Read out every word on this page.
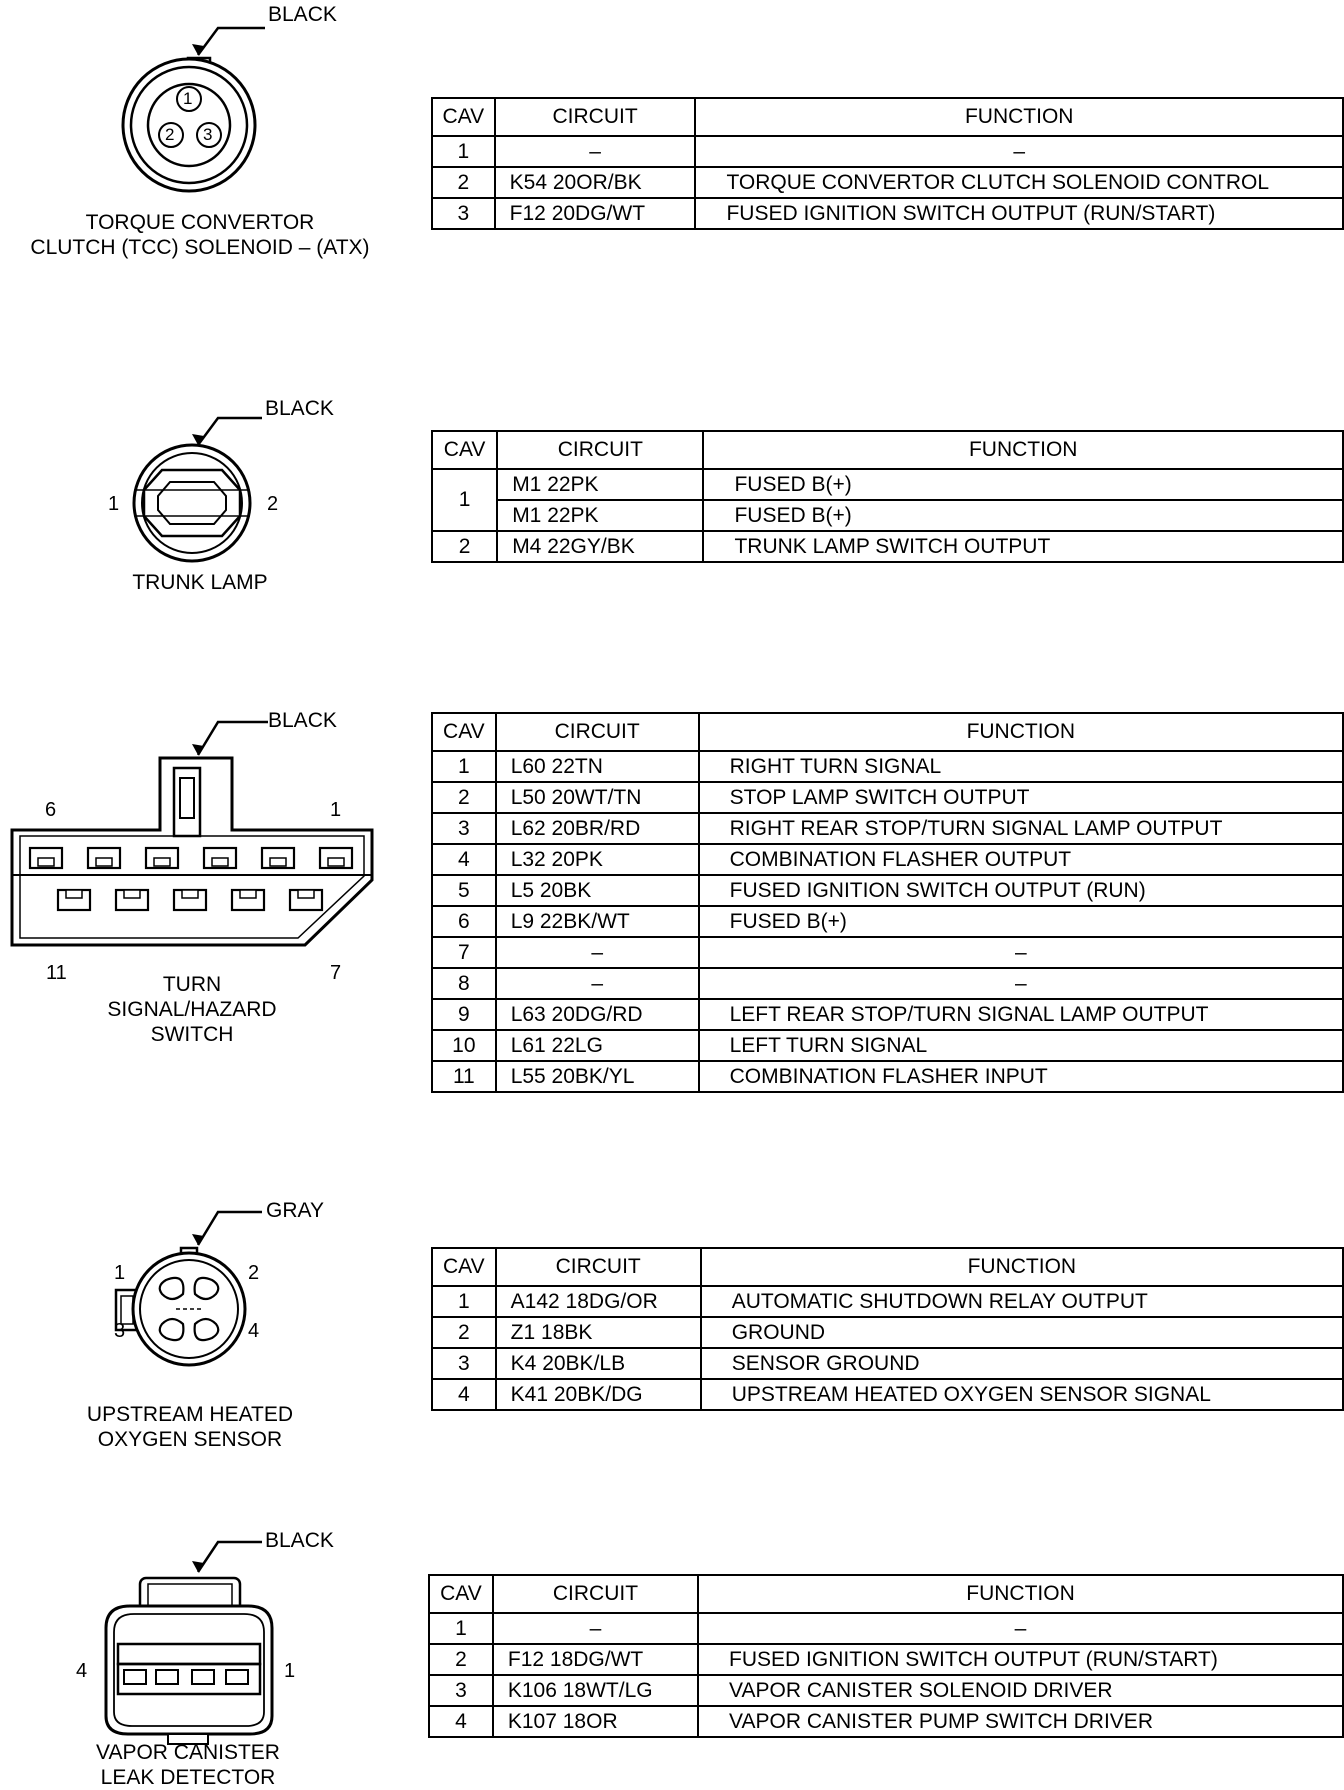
1
2 3
BLACK
TORQUE CONVERTOR
CLUTCH (TCC) SOLENOID – (ATX)
CAV	CIRCUIT	FUNCTION
1	–	–
2	K54 20OR/BK	TORQUE CONVERTOR CLUTCH SOLENOID CONTROL
3	F12 20DG/WT	FUSED IGNITION SWITCH OUTPUT (RUN/START)
1	2
BLACK
TRUNK LAMP
CAV	CIRCUIT	FUNCTION
1	M1 22PK	FUSED B(+)
	M1 22PK	FUSED B(+)
2	M4 22GY/BK	TRUNK LAMP SWITCH OUTPUT
6	1
11	7
BLACK
TURN
SIGNAL/HAZARD
SWITCH
CAV	CIRCUIT	FUNCTION
1	L60 22TN	RIGHT TURN SIGNAL
2	L50 20WT/TN	STOP LAMP SWITCH OUTPUT
3	L62 20BR/RD	RIGHT REAR STOP/TURN SIGNAL LAMP OUTPUT
4	L32 20PK	COMBINATION FLASHER OUTPUT
5	L5 20BK	FUSED IGNITION SWITCH OUTPUT (RUN)
6	L9 22BK/WT	FUSED B(+)
7	–	–
8	–	–
9	L63 20DG/RD	LEFT REAR STOP/TURN SIGNAL LAMP OUTPUT
10	L61 22LG	LEFT TURN SIGNAL
11	L55 20BK/YL	COMBINATION FLASHER INPUT
1	2
3	4
GRAY
UPSTREAM HEATED
OXYGEN SENSOR
CAV	CIRCUIT	FUNCTION
1	A142 18DG/OR	AUTOMATIC SHUTDOWN RELAY OUTPUT
2	Z1 18BK	GROUND
3	K4 20BK/LB	SENSOR GROUND
4	K41 20BK/DG	UPSTREAM HEATED OXYGEN SENSOR SIGNAL
4	1
BLACK
VAPOR CANISTER
LEAK DETECTOR
CAV	CIRCUIT	FUNCTION
1	–	–
2	F12 18DG/WT	FUSED IGNITION SWITCH OUTPUT (RUN/START)
3	K106 18WT/LG	VAPOR CANISTER SOLENOID DRIVER
4	K107 18OR	VAPOR CANISTER PUMP SWITCH DRIVER
